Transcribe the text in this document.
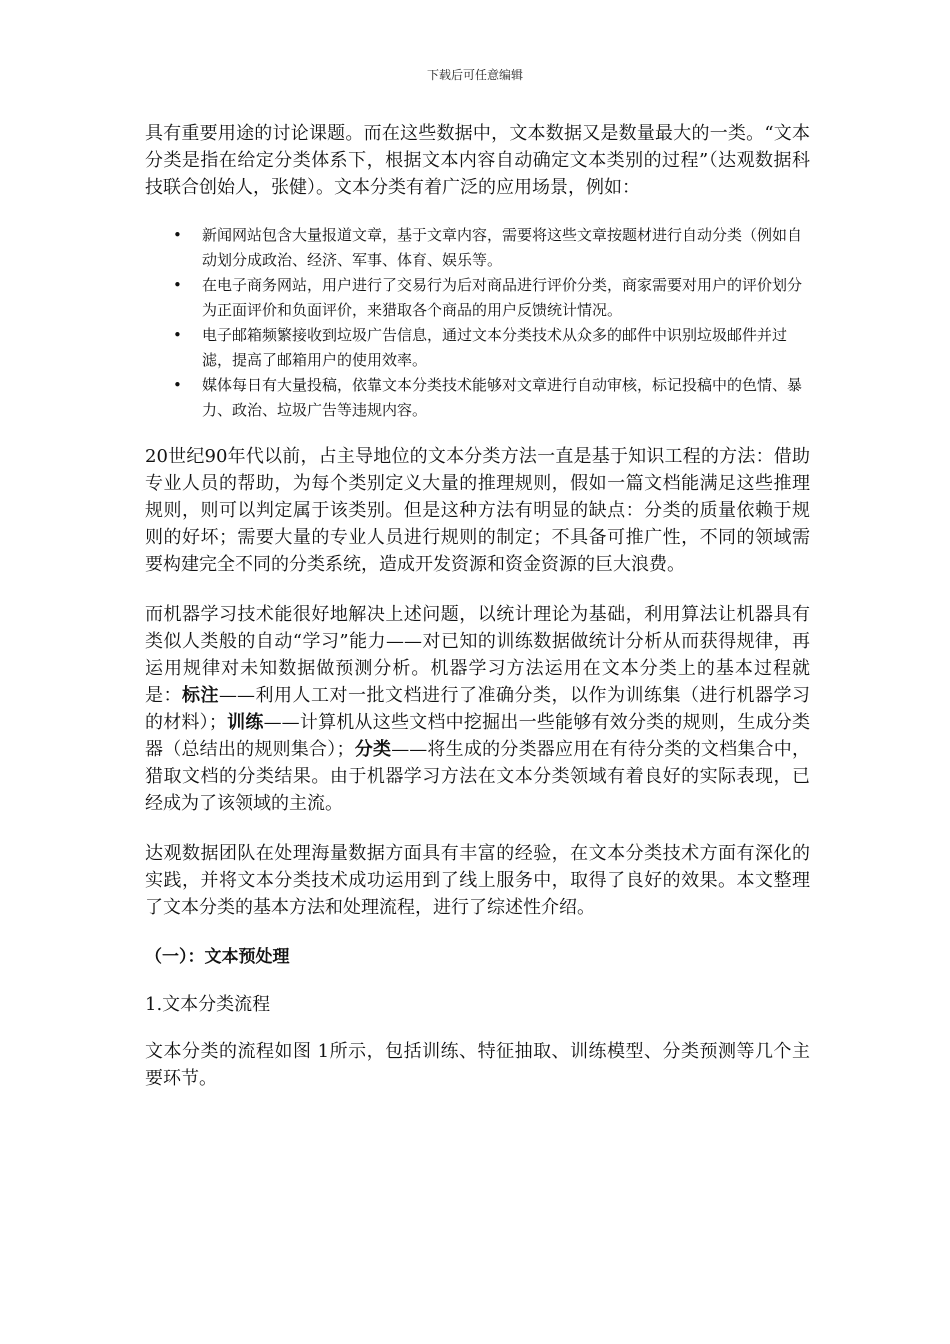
下载后可任意编辑

具有重要用途的讨论课题。而在这些数据中，文本数据又是数量最大的一类。“文本分类是指在给定分类体系下，根据文本内容自动确定文本类别的过程”（达观数据科技联合创始人，张健）。文本分类有着广泛的应用场景，例如：

• 新闻网站包含大量报道文章，基于文章内容，需要将这些文章按题材进行自动分类（例如自动划分成政治、经济、军事、体育、娱乐等。
• 在电子商务网站，用户进行了交易行为后对商品进行评价分类，商家需要对用户的评价划分为正面评价和负面评价，来猎取各个商品的用户反馈统计情况。
• 电子邮箱频繁接收到垃圾广告信息，通过文本分类技术从众多的邮件中识别垃圾邮件并过滤，提高了邮箱用户的使用效率。
• 媒体每日有大量投稿，依靠文本分类技术能够对文章进行自动审核，标记投稿中的色情、暴力、政治、垃圾广告等违规内容。

20世纪90年代以前，占主导地位的文本分类方法一直是基于知识工程的方法：借助专业人员的帮助，为每个类别定义大量的推理规则，假如一篇文档能满足这些推理规则，则可以判定属于该类别。但是这种方法有明显的缺点：分类的质量依赖于规则的好坏；需要大量的专业人员进行规则的制定；不具备可推广性，不同的领域需要构建完全不同的分类系统，造成开发资源和资金资源的巨大浪费。

而机器学习技术能很好地解决上述问题，以统计理论为基础，利用算法让机器具有类似人类般的自动“学习”能力——对已知的训练数据做统计分析从而获得规律，再运用规律对未知数据做预测分析。机器学习方法运用在文本分类上的基本过程就是：标注——利用人工对一批文档进行了准确分类，以作为训练集（进行机器学习的材料）；训练——计算机从这些文档中挖掘出一些能够有效分类的规则，生成分类器（总结出的规则集合）；分类——将生成的分类器应用在有待分类的文档集合中，猎取文档的分类结果。由于机器学习方法在文本分类领域有着良好的实际表现，已经成为了该领域的主流。

达观数据团队在处理海量数据方面具有丰富的经验，在文本分类技术方面有深化的实践，并将文本分类技术成功运用到了线上服务中，取得了良好的效果。本文整理了文本分类的基本方法和处理流程，进行了综述性介绍。

（一）：文本预处理

1.文本分类流程

文本分类的流程如图 1所示，包括训练、特征抽取、训练模型、分类预测等几个主要环节。
